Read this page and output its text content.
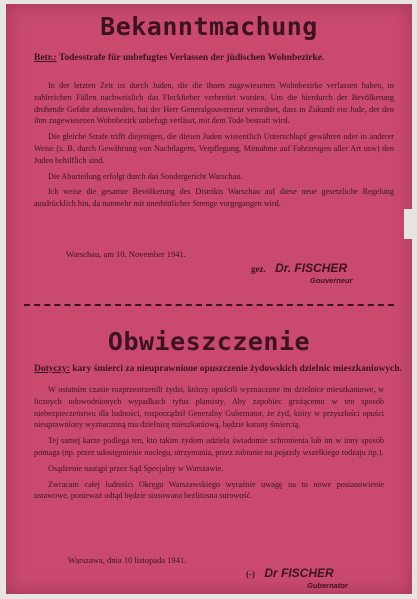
Bekanntmachung
Betr.: Todesstrafe für unbefugtes Verlassen der jüdischen Wohnbezirke.

In der letzten Zeit ist durch Juden, die die ihnen zugewiesenen Wohnbezirke verlassen haben, in zahlreichen Fällen nachweislich das Fleckfieber verbreitet worden. Um die hierdurch der Bevölkerung drohende Gefahr abzuwenden, hat der Herr Generalgouverneur verordnet, dass in Zukunft ein Jude, der den ihm zugewiesenen Wohnbezirk unbefugt verlässt, mit dem Tode bestraft wird.

Die gleiche Strafe trifft diejenigen, die diesen Juden wissentlich Unterschlupf gewähren oder in anderer Weise (z. B. durch Gewährung von Nachtlagern, Verpflegung, Mitnahme auf Fahrzeugen aller Art usw) den Juden behilflich sind.

Die Aburteilung erfolgt durch das Sondergericht Warschau.

Ich weise die gesamte Bevölkerung des Distrikts Warschau auf diese neue gesetzliche Regelung ausdrücklich hin, da nunmehr mit unerbittlicher Strenge vorgegangen wird.

Warschau, am 10. November 1941.
gez. Dr. FISCHER
Gouverneur
Obwieszczenie
Dotyczy: kary śmierci za nieuprawnione opuszczenie żydowskich dzielnic mieszkaniowych.

W ostatnim czasie rozprzestrzenili żydzi, którzy opuścili wyznaczone im dzielnice mieszkaniowe, w licznych udowodnionych wypadkach tyfus plamisty. Aby zapobiec grożącemu w ten sposób niebezpieczeństwu dla ludności, rozporządził Generalny Gubernator, że żyd, który w przyszłości opuści nieuprawniony wyznaczoną mu dzielnicę mieszkaniową, będzie karany śmiercią.

Tej samej karze podlega ten, kto takim żydom udziela świadomie schronienia lub im w inny sposób pomaga (np. przez udostępnienie noclegu, utrzymania, przez zabranie na pojazdy wszelkiego rodzaju itp.).

Osądzenie nastąpi przez Sąd Specjalny w Warszawie.

Zwracam całej ludności Okręgu Warszawskiego wyraźnie uwagę na to nowe postanowienie ustawowe, ponieważ odtąd będzie stosowana bezlitosna surowość.

Warszawa, dnia 10 listopada 1941.
(-) Dr FISCHER
Gubernator
